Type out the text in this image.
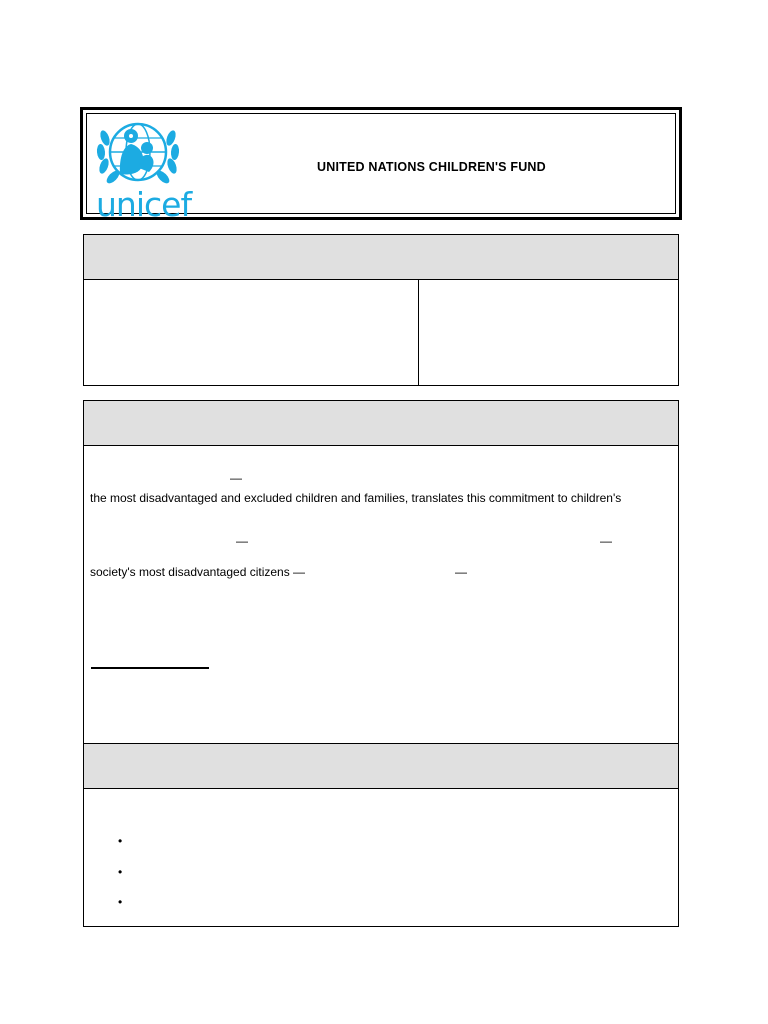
unicef
UNITED NATIONS CHILDREN'S FUND
—
the most disadvantaged and excluded children and families, translates this commitment to children's
—	—
society's most disadvantaged citizens —	—
•
•
•
